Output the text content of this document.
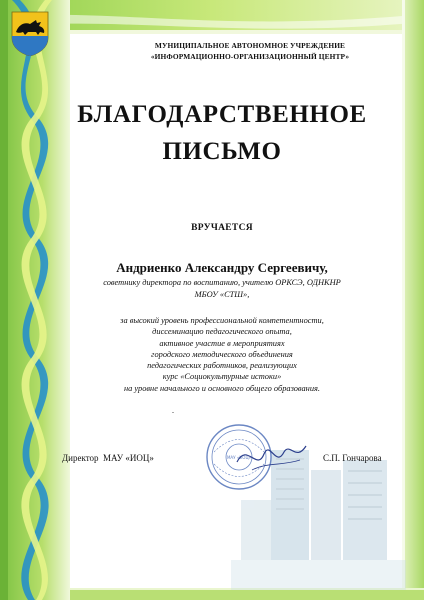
МУНИЦИПАЛЬНОЕ АВТОНОМНОЕ УЧРЕЖДЕНИЕ
«ИНФОРМАЦИОННО-ОРГАНИЗАЦИОННЫЙ ЦЕНТР»
БЛАГОДАРСТВЕННОЕ
ПИСЬМО
ВРУЧАЕТСЯ
Андриенко Александру Сергеевичу,
советнику директора по воспитанию, учителю ОРКСЭ, ОДНКНР
МБОУ «СТШ»,
за высокий уровень профессиональной компетентности,
диссеминацию педагогического опыта,
активное участие в мероприятиях
городского методического объединения
педагогических работников, реализующих
курс «Социокультурные истоки»
на уровне начального и основного общего образования.
.
МАУ «ИОЦ»
Директор  МАУ «ИОЦ»	С.П. Гончарова
